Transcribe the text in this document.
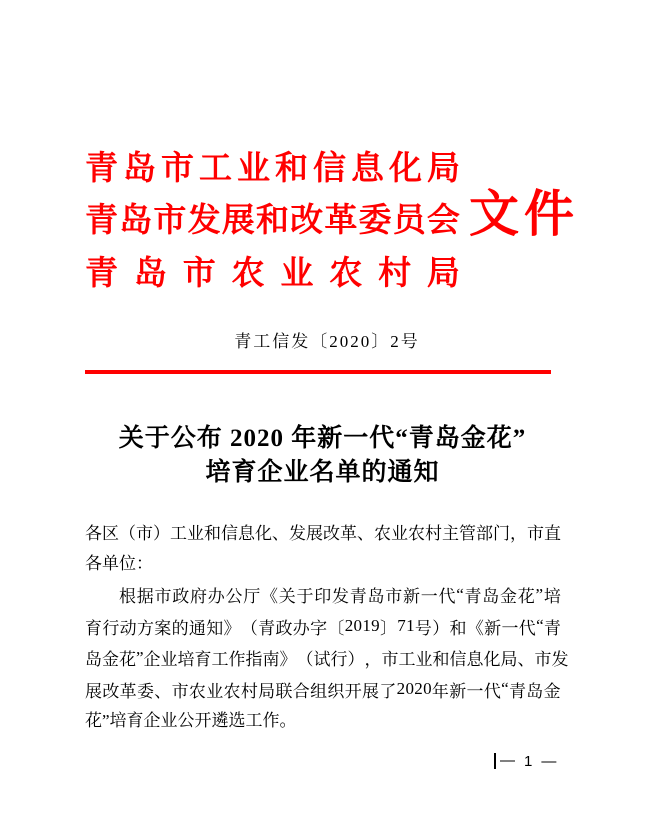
青 岛 市 工 业 和 信 息 化 局
青 岛 市 发 展 和 改 革 委 员 会
青 岛 市 农 业 农 村 局
文 件
青工信发〔2020〕2号
关于公布 2020 年新一代“青岛金花”
培育企业名单的通知
各 区 （ 市 ） 工 业 和 信 息 化 、 发 展 改 革 、 农 业 农 村 主 管 部 门 ， 市 直
各单位：
根 据 市 政 府 办 公 厅 《 关 于 印 发 青 岛 市 新 一 代 “ 青 岛 金 花 ” 培
育 行 动 方 案 的 通 知 》 （ 青 政 办 字 〔 2 0 1 9 〕 7 1 号 ） 和 《 新 一 代 “ 青
岛 金 花 ” 企 业 培 育 工 作 指 南 》 （ 试 行 ） ， 市 工 业 和 信 息 化 局 、 市 发
展 改 革 委 、 市 农 业 农 村 局 联 合 组 织 开 展 了 2 0 2 0 年 新 一 代 “ 青 岛 金
花”培育企业公开遴选工作。
— 1 —
